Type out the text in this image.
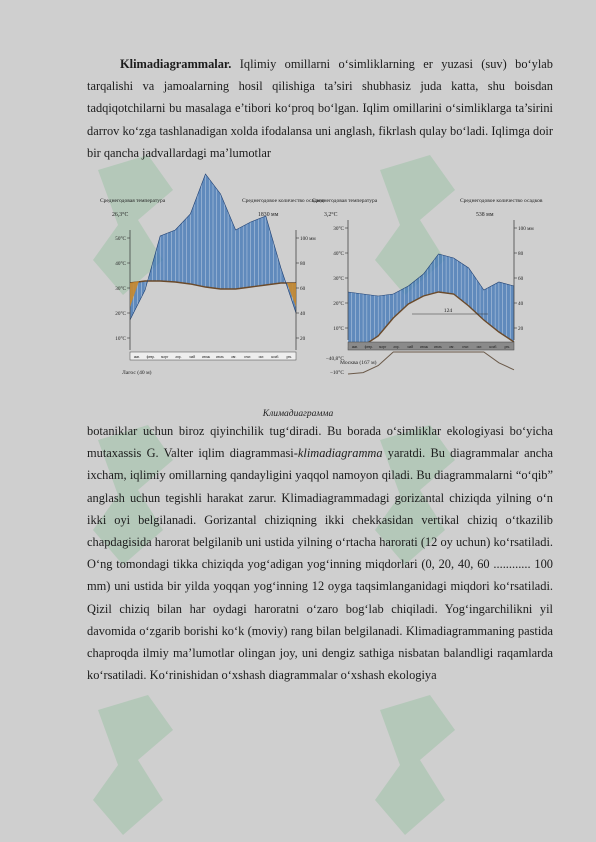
Klimadiagrammalar. Iqlimiy omillarni o‘simliklarning er yuzasi (suv) bo‘ylab tarqalishi va jamoalarning hosil qilishiga ta’siri shubhasiz juda katta, shu boisdan tadqiqotchilarni bu masalaga e’tibori ko‘proq bo‘lgan. Iqlim omillarini o‘simliklarga ta’sirini darrov ko‘zga tashlanadigan xolda ifodalansa uni anglash, fikrlash qulay bo‘ladi. Iqlimga doir bir qancha jadvallardagi ma’lumotlar

Среднегодовая температура
26,3°C
Среднегодовое количество осадков
1830 мм
50°C
40°C
30°C
20°C
10°C
100 мм
80
60
40
20
янв. февр. март апр. май июнь июль авг. сент. окт. нояб. дек.
Лагос (40 м)
Среднегодовая температура
3,2°C
Среднегодовое количество осадков
538 мм
30°C
40°C
30°C
20°C
10°C
100 мм
80
60
40
20
янв. февр. март апр. май июнь июль авг. сент. окт. нояб. дек.
Москва (167 м)
124
−40,8°C
−10°C
Климадиаграмма

botaniklar uchun biroz qiyinchilik tug‘diradi. Bu borada o‘simliklar ekologiyasi bo‘yicha mutaxassis G. Valter iqlim diagrammasi-klimadiagramma yaratdi. Bu diagrammalar ancha ixcham, iqlimiy omillarning qandayligini yaqqol namoyon qiladi. Bu diagrammalarni “o‘qib” anglash uchun tegishli harakat zarur. Klimadiagrammadagi gorizantal chiziqda yilning o‘n ikki oyi belgilanadi. Gorizantal chiziqning ikki chekkasidan vertikal chiziq o‘tkazilib chapdagisida harorat belgilanib uni ustida yilning o‘rtacha harorati (12 oy uchun) ko‘rsatiladi. O‘ng tomondagi tikka chiziqda yog‘adigan yog‘inning miqdorlari (0, 20, 40, 60 ............ 100 mm) uni ustida bir yilda yoqqan yog‘inning 12 oyga taqsimlanganidagi miqdori ko‘rsatiladi. Qizil chiziq bilan har oydagi haroratni o‘zaro bog‘lab chiqiladi. Yog‘ingarchilikni yil davomida o‘zgarib borishi ko‘k (moviy) rang bilan belgilanadi. Klimadiagrammaning pastida chaproqda ilmiy ma’lumotlar olingan joy, uni dengiz sathiga nisbatan balandligi raqamlarda ko‘rsatiladi. Ko‘rinishidan o‘xshash diagrammalar o‘xshash ekologiya
